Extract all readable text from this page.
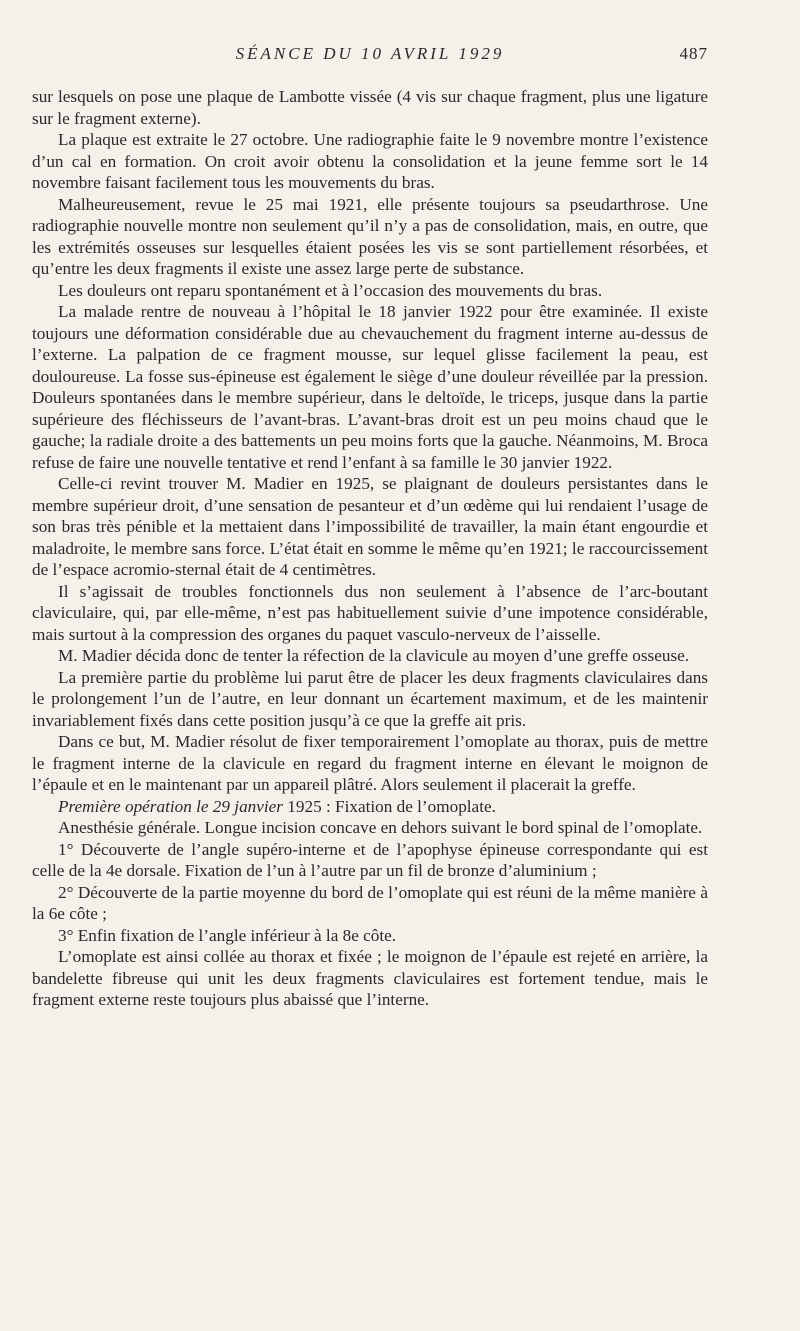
SÉANCE DU 10 AVRIL 1929	487

sur lesquels on pose une plaque de Lambotte vissée (4 vis sur chaque fragment, plus une ligature sur le fragment externe).

La plaque est extraite le 27 octobre. Une radiographie faite le 9 novembre montre l’existence d’un cal en formation. On croit avoir obtenu la consolidation et la jeune femme sort le 14 novembre faisant facilement tous les mouvements du bras.

Malheureusement, revue le 25 mai 1921, elle présente toujours sa pseudarthrose. Une radiographie nouvelle montre non seulement qu’il n’y a pas de consolidation, mais, en outre, que les extrémités osseuses sur lesquelles étaient posées les vis se sont partiellement résorbées, et qu’entre les deux fragments il existe une assez large perte de substance.

Les douleurs ont reparu spontanément et à l’occasion des mouvements du bras.

La malade rentre de nouveau à l’hôpital le 18 janvier 1922 pour être examinée. Il existe toujours une déformation considérable due au chevauchement du fragment interne au-dessus de l’externe. La palpation de ce fragment mousse, sur lequel glisse facilement la peau, est douloureuse. La fosse sus-épineuse est également le siège d’une douleur réveillée par la pression. Douleurs spontanées dans le membre supérieur, dans le deltoïde, le triceps, jusque dans la partie supérieure des fléchisseurs de l’avant-bras. L’avant-bras droit est un peu moins chaud que le gauche; la radiale droite a des battements un peu moins forts que la gauche. Néanmoins, M. Broca refuse de faire une nouvelle tentative et rend l’enfant à sa famille le 30 janvier 1922.

Celle-ci revint trouver M. Madier en 1925, se plaignant de douleurs persistantes dans le membre supérieur droit, d’une sensation de pesanteur et d’un œdème qui lui rendaient l’usage de son bras très pénible et la mettaient dans l’impossibilité de travailler, la main étant engourdie et maladroite, le membre sans force. L’état était en somme le même qu’en 1921; le raccourcissement de l’espace acromio-sternal était de 4 centimètres.

Il s’agissait de troubles fonctionnels dus non seulement à l’absence de l’arc-boutant claviculaire, qui, par elle-même, n’est pas habituellement suivie d’une impotence considérable, mais surtout à la compression des organes du paquet vasculo-nerveux de l’aisselle.

M. Madier décida donc de tenter la réfection de la clavicule au moyen d’une greffe osseuse.

La première partie du problème lui parut être de placer les deux fragments claviculaires dans le prolongement l’un de l’autre, en leur donnant un écartement maximum, et de les maintenir invariablement fixés dans cette position jusqu’à ce que la greffe ait pris.

Dans ce but, M. Madier résolut de fixer temporairement l’omoplate au thorax, puis de mettre le fragment interne de la clavicule en regard du fragment interne en élevant le moignon de l’épaule et en le maintenant par un appareil plâtré. Alors seulement il placerait la greffe.

Première opération le 29 janvier 1925 : Fixation de l’omoplate.

Anesthésie générale. Longue incision concave en dehors suivant le bord spinal de l’omoplate.

1° Découverte de l’angle supéro-interne et de l’apophyse épineuse correspondante qui est celle de la 4e dorsale. Fixation de l’un à l’autre par un fil de bronze d’aluminium ;

2° Découverte de la partie moyenne du bord de l’omoplate qui est réuni de la même manière à la 6e côte ;

3° Enfin fixation de l’angle inférieur à la 8e côte.

L’omoplate est ainsi collée au thorax et fixée ; le moignon de l’épaule est rejeté en arrière, la bandelette fibreuse qui unit les deux fragments claviculaires est fortement tendue, mais le fragment externe reste toujours plus abaissé que l’interne.
